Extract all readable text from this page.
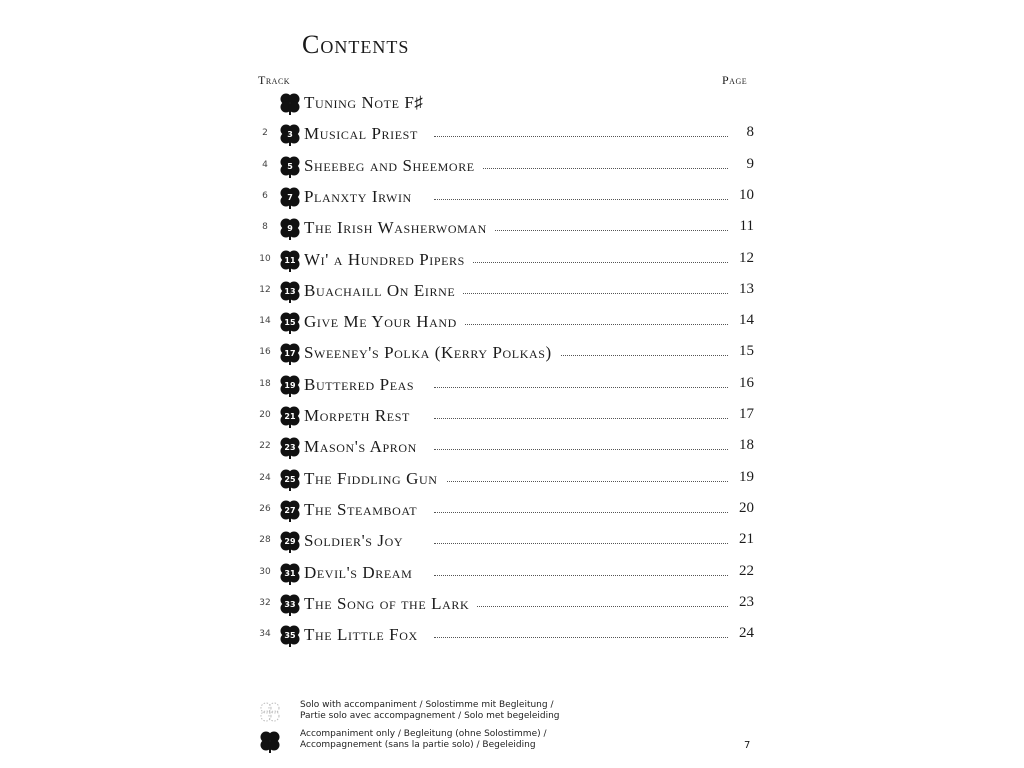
Contents
Track	Page
Tuning Note F♯
2	3 Musical Priest	8
4	5 Sheebeg and Sheemore	9
6	7 Planxty Irwin	10
8	9 The Irish Washerwoman	11
10	11 Wi' a Hundred Pipers	12
12	13 Buachaill On Eirne	13
14	15 Give Me Your Hand	14
16	17 Sweeney's Polka (Kerry Polkas)	15
18	19 Buttered Peas	16
20	21 Morpeth Rest	17
22	23 Mason's Apron	18
24	25 The Fiddling Gun	19
26	27 The Steamboat	20
28	29 Soldier's Joy	21
30	31 Devil's Dream	22
32	33 The Song of the Lark	23
34	35 The Little Fox	24
Solo with accompaniment / Solostimme mit Begleitung /
Partie solo avec accompagnement / Solo met begeleiding
Accompaniment only / Begleitung (ohne Solostimme) /
Accompagnement (sans la partie solo) / Begeleiding	7
